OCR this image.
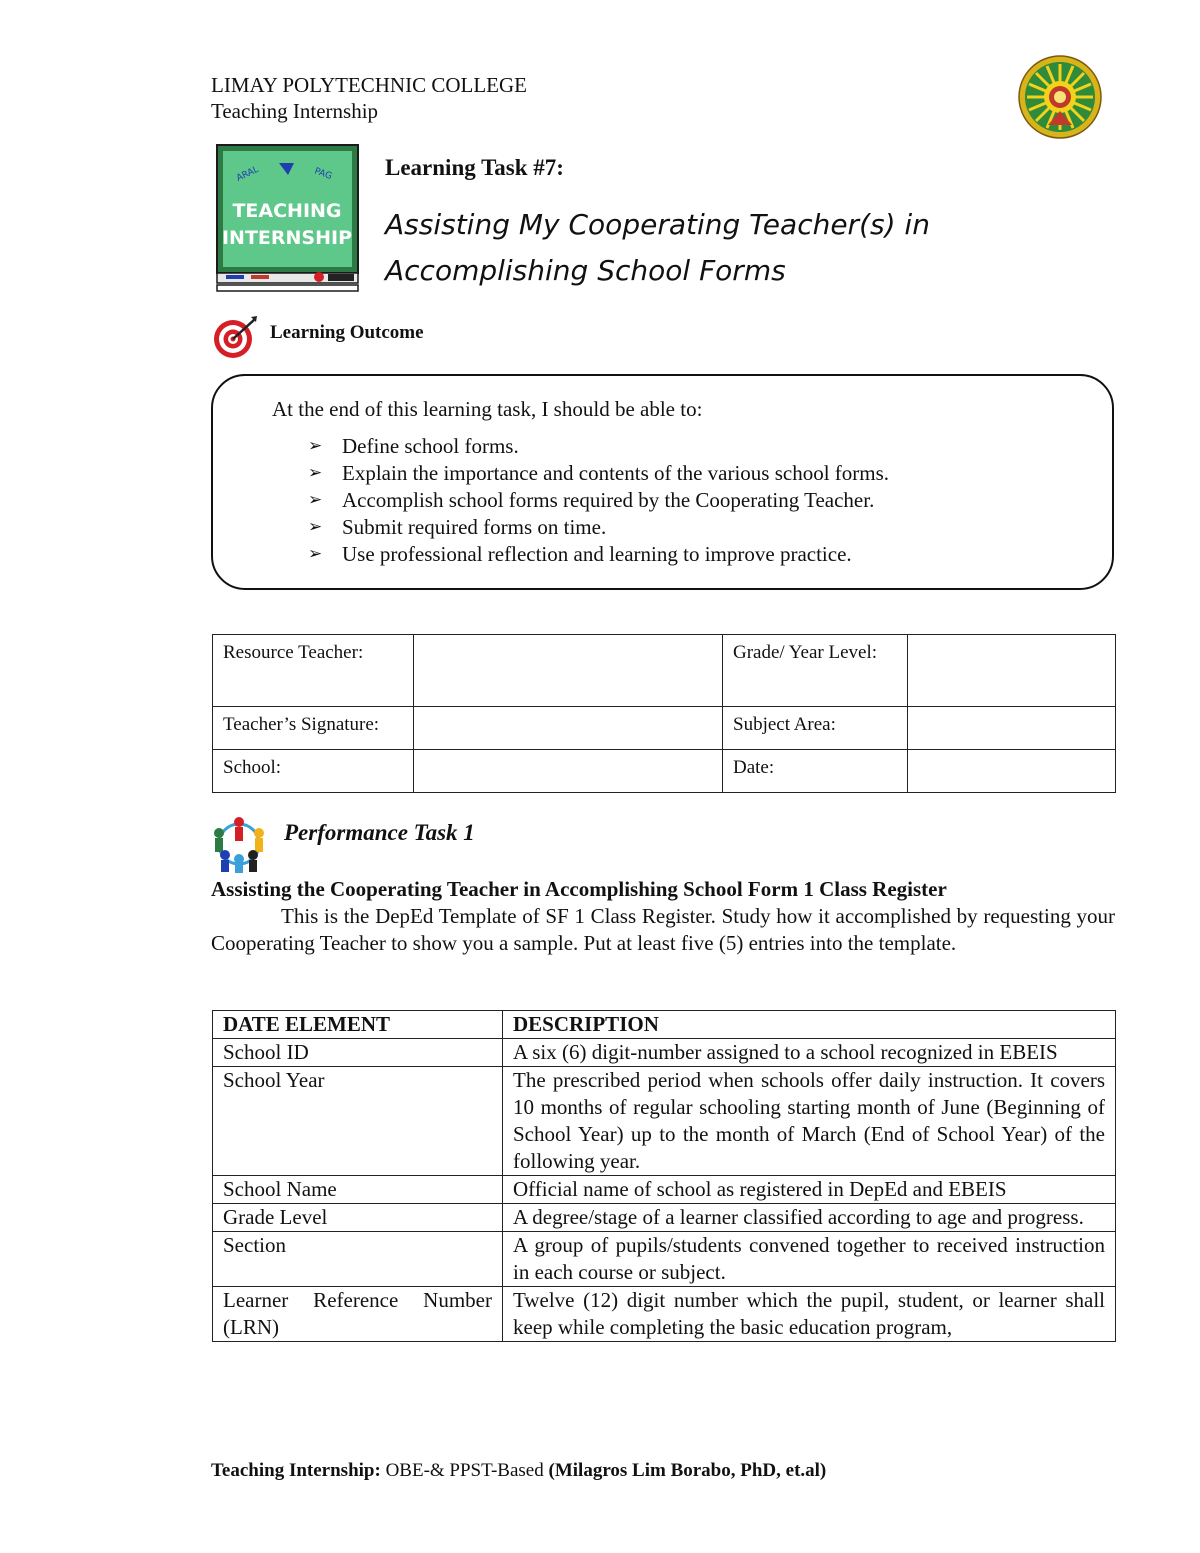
LIMAY POLYTECHNIC COLLEGE
Teaching Internship
ARAL	PAG
TEACHING
INTERNSHIP
Learning Task #7:
Assisting My Cooperating Teacher(s) in
Accomplishing School Forms
Learning Outcome
At the end of this learning task, I should be able to:
➢ Define school forms.
➢ Explain the importance and contents of the various school forms.
➢ Accomplish school forms required by the Cooperating Teacher.
➢ Submit required forms on time.
➢ Use professional reflection and learning to improve practice.
Resource Teacher:		Grade/ Year Level:	
Teacher’s Signature:		Subject Area:	
School:		Date:	
Performance Task 1
Assisting the Cooperating Teacher in Accomplishing School Form 1 Class Register
This is the DepEd Template of SF 1 Class Register. Study how it accomplished by requesting your Cooperating Teacher to show you a sample. Put at least five (5) entries into the template.
DATE ELEMENT	DESCRIPTION
School ID	A six (6) digit-number assigned to a school recognized in EBEIS
School Year	The prescribed period when schools offer daily instruction. It covers 10 months of regular schooling starting month of June (Beginning of School Year) up to the month of March (End of School Year) of the following year.
School Name	Official name of school as registered in DepEd and EBEIS
Grade Level	A degree/stage of a learner classified according to age and progress.
Section	A group of pupils/students convened together to received instruction in each course or subject.
Learner Reference Number (LRN)	Twelve (12) digit number which the pupil, student, or learner shall keep while completing the basic education program,
Teaching Internship: OBE-& PPST-Based (Milagros Lim Borabo, PhD, et.al)
